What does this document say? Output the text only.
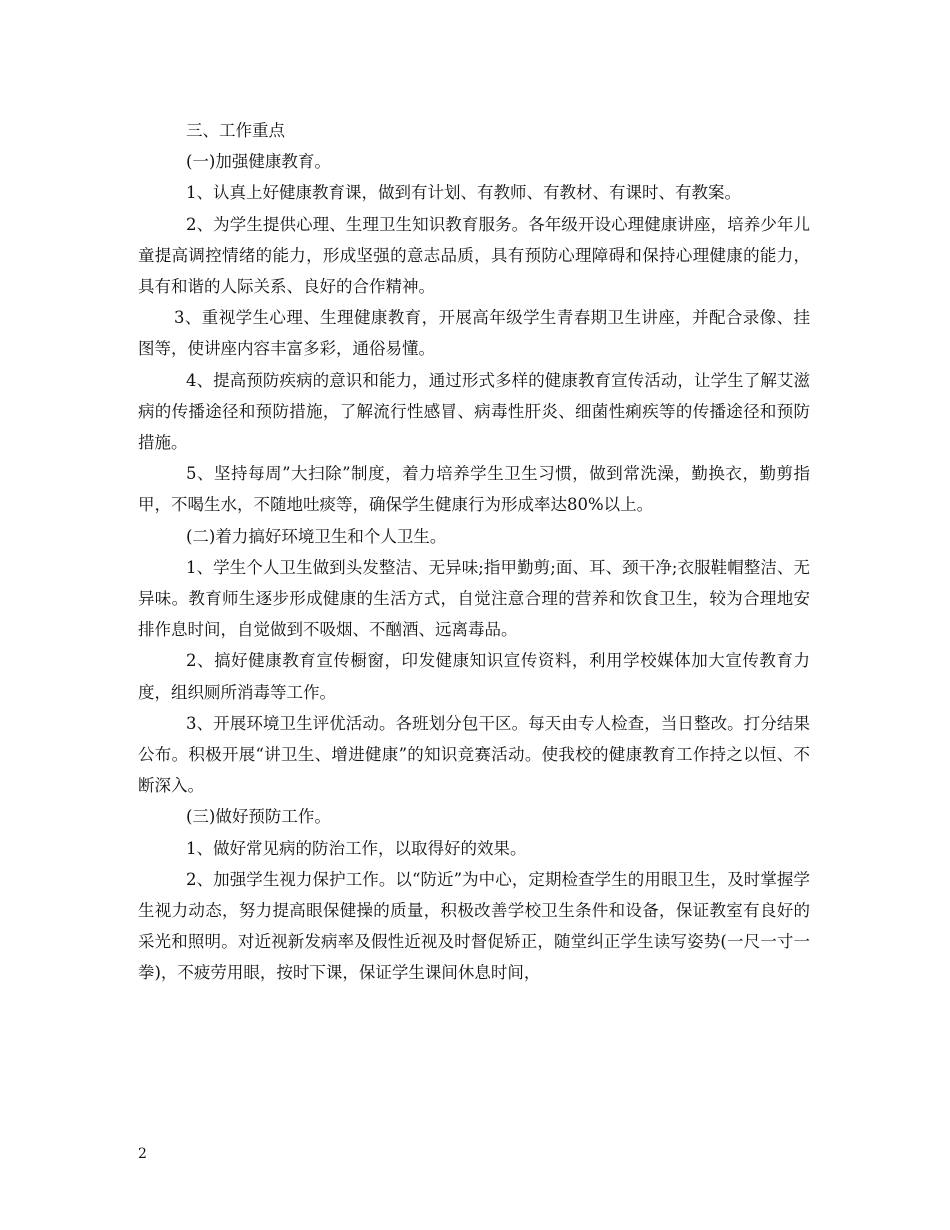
三、工作重点

(一)加强健康教育。

1、认真上好健康教育课，做到有计划、有教师、有教材、有课时、有教案。

2、为学生提供心理、生理卫生知识教育服务。各年级开设心理健康讲座，培养少年儿童提高调控情绪的能力，形成坚强的意志品质，具有预防心理障碍和保持心理健康的能力，具有和谐的人际关系、良好的合作精神。

3、重视学生心理、生理健康教育，开展高年级学生青春期卫生讲座，并配合录像、挂图等，使讲座内容丰富多彩，通俗易懂。

4、提高预防疾病的意识和能力，通过形式多样的健康教育宣传活动，让学生了解艾滋病的传播途径和预防措施，了解流行性感冒、病毒性肝炎、细菌性痢疾等的传播途径和预防措施。

5、坚持每周”大扫除”制度，着力培养学生卫生习惯，做到常洗澡，勤换衣，勤剪指甲，不喝生水，不随地吐痰等，确保学生健康行为形成率达80%以上。

(二)着力搞好环境卫生和个人卫生。

1、学生个人卫生做到头发整洁、无异味;指甲勤剪;面、耳、颈干净;衣服鞋帽整洁、无异味。教育师生逐步形成健康的生活方式，自觉注意合理的营养和饮食卫生，较为合理地安排作息时间，自觉做到不吸烟、不酗酒、远离毒品。

2、搞好健康教育宣传橱窗，印发健康知识宣传资料，利用学校媒体加大宣传教育力度，组织厕所消毒等工作。

3、开展环境卫生评优活动。各班划分包干区。每天由专人检查，当日整改。打分结果公布。积极开展“讲卫生、增进健康”的知识竞赛活动。使我校的健康教育工作持之以恒、不断深入。

(三)做好预防工作。

1、做好常见病的防治工作，以取得好的效果。

2、加强学生视力保护工作。以“防近”为中心，定期检查学生的用眼卫生，及时掌握学生视力动态，努力提高眼保健操的质量，积极改善学校卫生条件和设备，保证教室有良好的采光和照明。对近视新发病率及假性近视及时督促矫正，随堂纠正学生读写姿势(一尺一寸一拳)，不疲劳用眼，按时下课，保证学生课间休息时间，

2
